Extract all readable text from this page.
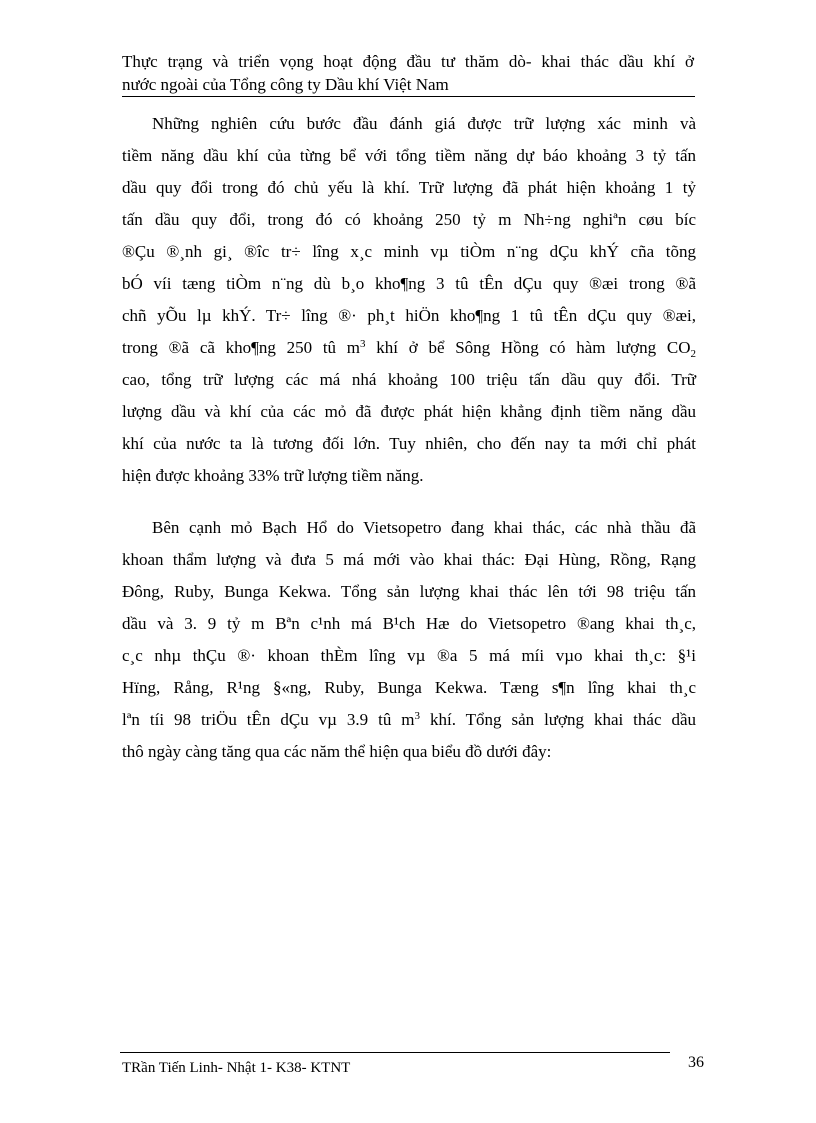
Thực trạng và triển vọng hoạt động đầu tư thăm dò- khai thác dầu khí ở
nước ngoài của Tổng công ty Dầu khí Việt Nam
Những nghiên cứu bước đầu đánh giá được trữ lượng xác minh và
tiềm năng dầu khí của từng bể với tổng tiềm năng dự báo khoảng 3 tỷ tấn
dầu quy đổi trong đó chủ yếu là khí. Trữ lượng đã phát hiện khoảng 1 tỷ
tấn dầu quy đổi, trong đó có khoảng 250 tỷ m Nh÷ng nghiªn cøu bíc
®Çu ®¸nh gi¸ ®îc tr÷ lîng x¸c minh vµ tiÒm n¨ng dÇu khÝ cña tõng
bÓ víi tæng tiÒm n¨ng dù b¸o kho¶ng 3 tû tÊn dÇu quy ®æi trong ®ã
chñ yÕu lµ khÝ. Tr÷ lîng ®· ph¸t hiÖn kho¶ng 1 tû tÊn dÇu quy ®æi,
trong ®ã cã kho¶ng 250 tû $m^3$ khí ở bể Sông Hồng có hàm lượng $CO_2$
cao, tổng trữ lượng các má nhá khoảng 100 triệu tấn dầu quy đổi. Trữ
lượng dầu và khí của các mỏ đã được phát hiện khẳng định tiềm năng dầu
khí của nước ta là tương đối lớn. Tuy nhiên, cho đến nay ta mới chỉ phát
hiện được khoảng 33% trữ lượng tiềm năng.
Bên cạnh mỏ Bạch Hổ do Vietsopetro đang khai thác, các nhà thầu đã
khoan thẩm lượng và đưa 5 má mới vào khai thác: Đại Hùng, Rồng, Rạng
Đông, Ruby, Bunga Kekwa. Tổng sản lượng khai thác lên tới 98 triệu tấn
dầu và 3. 9 tỷ m Bªn c¹nh má B¹ch Hæ do Vietsopetro ®ang khai th¸c,
c¸c nhµ thÇu ®· khoan thÈm lîng vµ ®a 5 má míi vµo khai th¸c: §¹i
Hïng, Rång, R¹ng §«ng, Ruby, Bunga Kekwa. Tæng s¶n lîng khai th¸c
lªn tíi 98 triÖu tÊn dÇu vµ 3.9 tû $m^3$ khí. Tổng sản lượng khai thác dầu
thô ngày càng tăng qua các năm thể hiện qua biểu đồ dưới đây:
TRần Tiến Linh- Nhật 1- K38- KTNT	36
